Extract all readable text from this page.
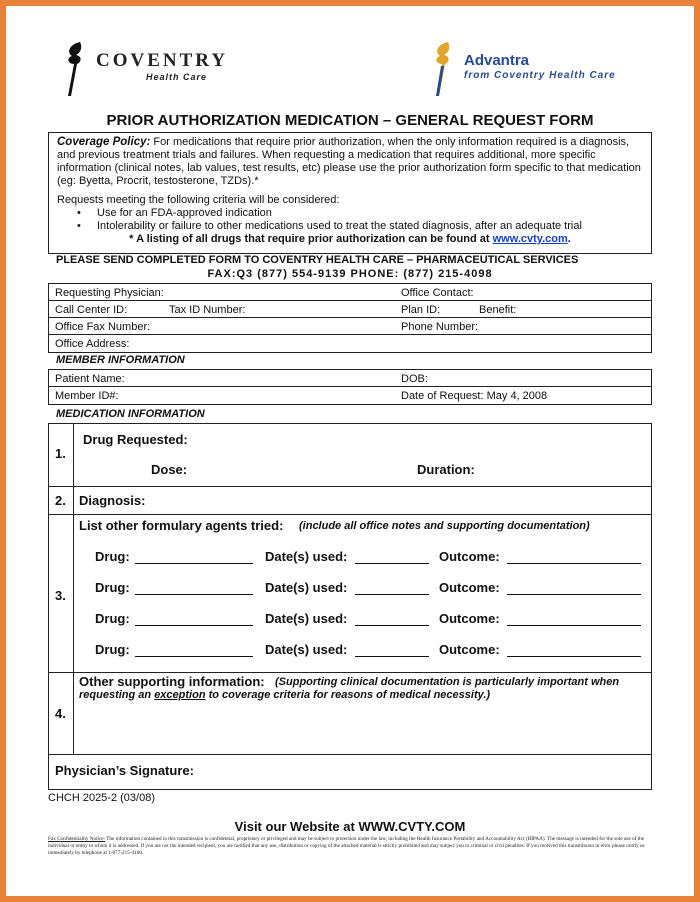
COVENTRY
Health Care
Advantra
from Coventry Health Care
PRIOR AUTHORIZATION MEDICATION – GENERAL REQUEST FORM

Coverage Policy: For medications that require prior authorization, when the only information required is a diagnosis, and previous treatment trials and failures. When requesting a medication that requires additional, more specific information (clinical notes, lab values, test results, etc) please use the prior authorization form specific to that medication (eg: Byetta, Procrit, testosterone, TZDs).*

Requests meeting the following criteria will be considered:
• Use for an FDA-approved indication
• Intolerability or failure to other medications used to treat the stated diagnosis, after an adequate trial
* A listing of all drugs that require prior authorization can be found at www.cvty.com.
PLEASE SEND COMPLETED FORM TO COVENTRY HEALTH CARE – PHARMACEUTICAL SERVICES
FAX:Q3 (877) 554-9139 PHONE: (877) 215-4098
Requesting Physician:	Office Contact:
Call Center ID:	Tax ID Number:	Plan ID:	Benefit:
Office Fax Number:	Phone Number:
Office Address:
MEMBER INFORMATION
Patient Name:	DOB:
Member ID#:	Date of Request: May 4, 2008
MEDICATION INFORMATION
1.
Drug Requested:
Dose:	Duration:
2. Diagnosis:
3.
List other formulary agents tried: (include all office notes and supporting documentation)
Drug:	Date(s) used:	Outcome:
Drug:	Date(s) used:	Outcome:
Drug:	Date(s) used:	Outcome:
Drug:	Date(s) used:	Outcome:
4.
Other supporting information: (Supporting clinical documentation is particularly important when
requesting an exception to coverage criteria for reasons of medical necessity.)
Physician’s Signature:
CHCH 2025-2 (03/08)
Visit our Website at WWW.CVTY.COM
Fax Confidentiality Notice: The information contained in this transmission is confidential, proprietary or privileged and may be subject to protection under the law, including the Health Insurance Portability and Accountability Act (HIPAA). The message is intended for the sole use of the individual or entity to whom it is addressed. If you are not the intended recipient, you are notified that any use, distribution or copying of the attached material is strictly prohibited and may subject you to criminal or civil penalties. If you received this transmission in error please notify us immediately by telephone at 1-877-215-4100.
